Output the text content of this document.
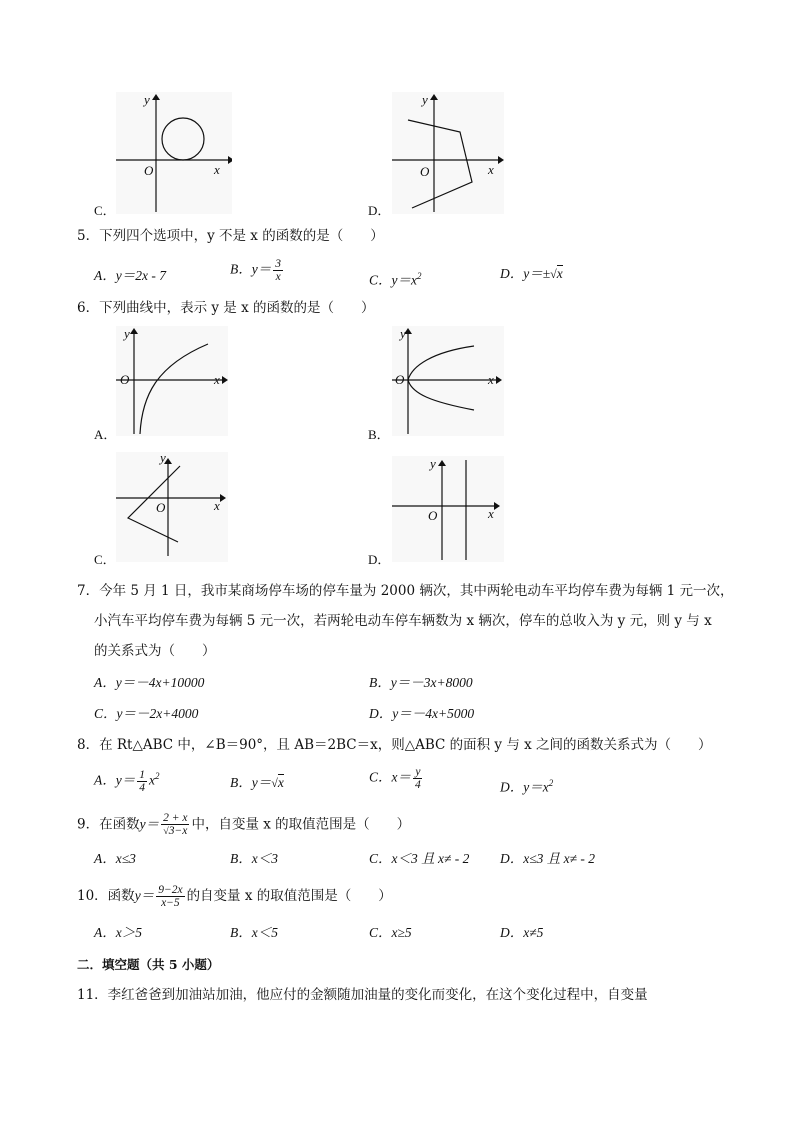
y
x
O
C．
y
x
O
D．
5．下列四个选项中，y 不是 x 的函数的是（　　）
A．y＝2x - 7	B．$y= \frac{3}{x}$	C．$y=x^2$	D．y＝±√x
6．下列曲线中，表示 y 是 x 的函数的是（　　）
y
x
O
A．
y
x
O
B．
y
x
O
C．
y
x
O
D．
7．今年 5 月 1 日，我市某商场停车场的停车量为 2000 辆次，其中两轮电动车平均停车费为每辆 1 元一次，
小汽车平均停车费为每辆 5 元一次，若两轮电动车停车辆数为 x 辆次，停车的总收入为 y 元，则 y 与 x
的关系式为（　　）
A．y＝－4x+10000	B．y＝－3x+8000
C．y＝－2x+4000	D．y＝－4x+5000
8．在 Rt△ABC 中，∠B＝90°，且 AB＝2BC＝x，则△ABC 的面积 y 与 x 之间的函数关系式为（　　）
A．$y= \frac{1}{4} x^2$	B．y＝√x	C．$x= \frac{y}{4}$	D．$y=x^2$
9．在函数$y= \frac{2 + x}{√3-x}$ 中，自变量 x 的取值范围是（　　）
A．x≤3	B．x＜3	C．x＜3 且 x≠ - 2 D．x≤3 且 x≠ - 2
10．函数$y= \frac{9-2x}{x-5}$ 的自变量 x 的取值范围是（　　）
A．x＞5	B．x＜5	C．x≥5	D．x≠5
二．填空题（共 5 小题）
11．李红爸爸到加油站加油，他应付的金额随加油量的变化而变化，在这个变化过程中，自变量
